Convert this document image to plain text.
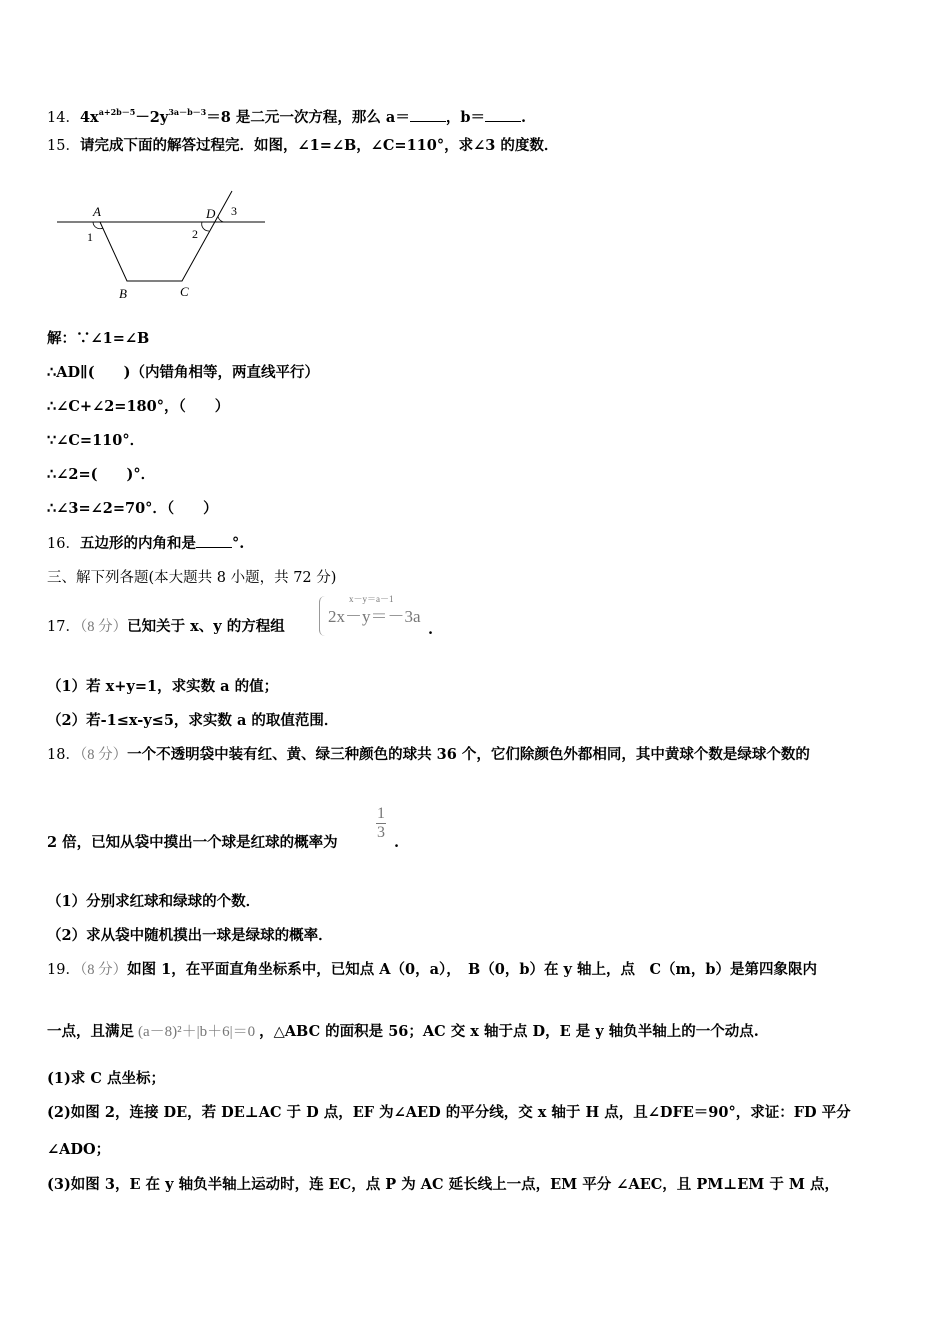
14．$4x^{a+2b-5}-2y^{3a-b-3}=8$ 是二元一次方程，那么 a＝ ，b＝ .
15．请完成下面的解答过程完．如图，∠1=∠B，∠C=110°，求∠3 的度数．
A	D
B	C
1	2
3
解：∵∠1=∠B
∴AD∥(　　)（内错角相等，两直线平行）
∴∠C+∠2=180°，（　　）
∵∠C=110°．
∴∠2=(　　)°．
∴∠3=∠2=70°．（　　）
16．五边形的内角和是 °.
三、解下列各题(本大题共 8 小题，共 72 分)
17．（8 分）已知关于 x、y 的方程组
x－y＝a－1
2x－y＝－3a
.
（1）若 x+y=1，求实数 a 的值；
（2）若-1≤x-y≤5，求实数 a 的取值范围．
18．（8 分）一个不透明袋中装有红、黄、绿三种颜色的球共 36 个，它们除颜色外都相同，其中黄球个数是绿球个数的
2 倍，已知从袋中摸出一个球是红球的概率为
1
3
.
（1）分别求红球和绿球的个数．
（2）求从袋中随机摸出一球是绿球的概率．
19．（8 分）如图 1，在平面直角坐标系中，已知点 A（0，a），　B（0，b）在 y 轴上，点　C（m，b）是第四象限内
一点，且满足 (a－8)²＋|b＋6|＝0 ，△ABC 的面积是 56；AC 交 x 轴于点 D，E 是 y 轴负半轴上的一个动点.
(1)求 C 点坐标；
(2)如图 2，连接 DE，若 DE⊥AC 于 D 点，EF 为∠AED 的平分线，交 x 轴于 H 点，且∠DFE＝90°，求证：FD 平分
∠ADO；
(3)如图 3，E 在 y 轴负半轴上运动时，连 EC，点 P 为 AC 延长线上一点，EM 平分 ∠AEC，且 PM⊥EM 于 M 点，
